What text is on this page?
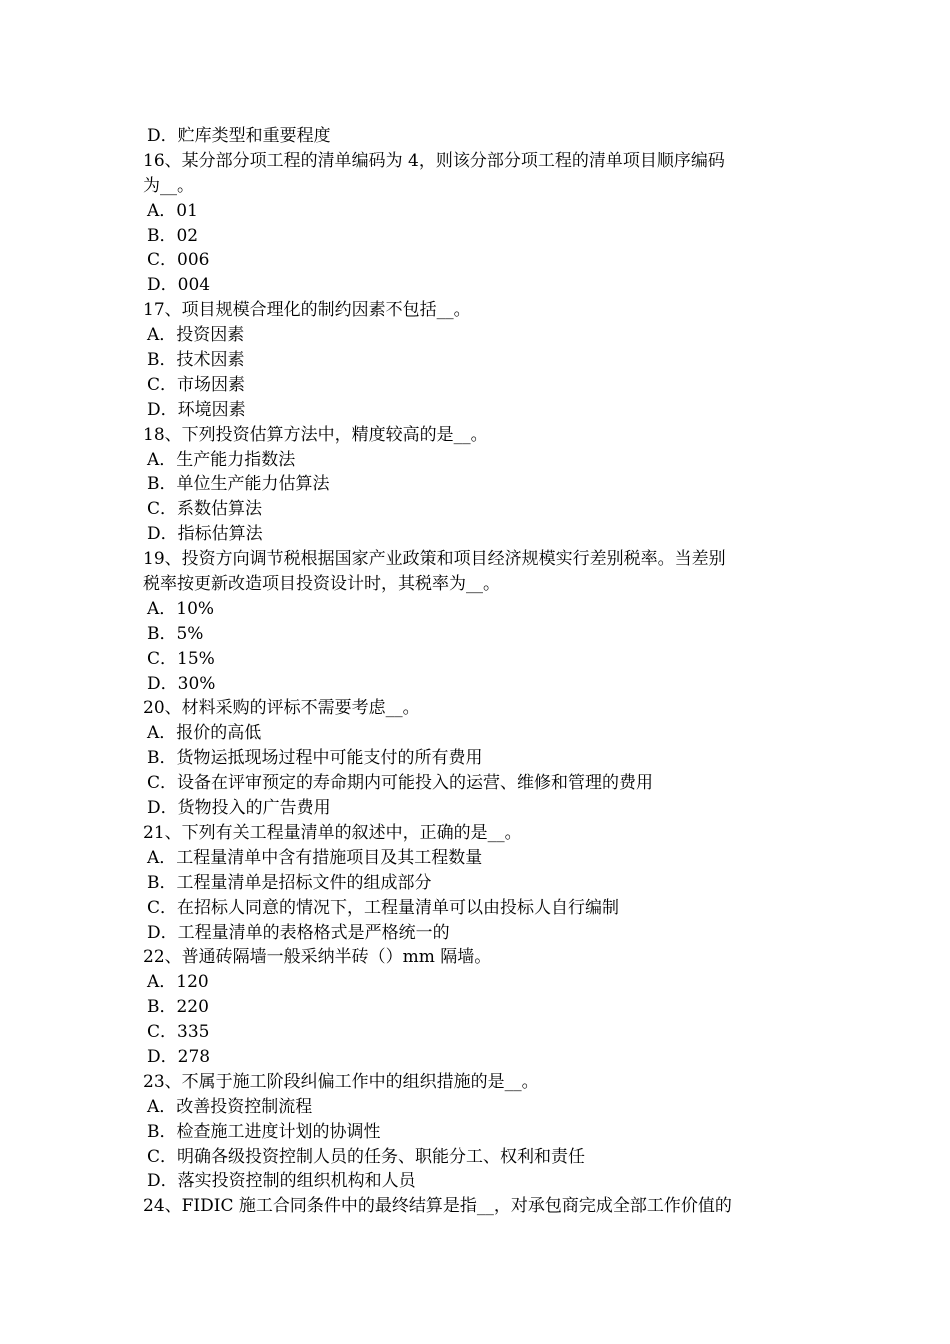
D．贮库类型和重要程度
16、某分部分项工程的清单编码为 4，则该分部分项工程的清单项目顺序编码
为__。
A．01
B．02
C．006
D．004
17、项目规模合理化的制约因素不包括__。
A．投资因素
B．技术因素
C．市场因素
D．环境因素
18、下列投资估算方法中，精度较高的是__。
A．生产能力指数法
B．单位生产能力估算法
C．系数估算法
D．指标估算法
19、投资方向调节税根据国家产业政策和项目经济规模实行差别税率。当差别
税率按更新改造项目投资设计时，其税率为__。
A．10%
B．5%
C．15%
D．30%
20、材料采购的评标不需要考虑__。
A．报价的高低
B．货物运抵现场过程中可能支付的所有费用
C．设备在评审预定的寿命期内可能投入的运营、维修和管理的费用
D．货物投入的广告费用
21、下列有关工程量清单的叙述中，正确的是__。
A．工程量清单中含有措施项目及其工程数量
B．工程量清单是招标文件的组成部分
C．在招标人同意的情况下，工程量清单可以由投标人自行编制
D．工程量清单的表格格式是严格统一的
22、普通砖隔墙一般采纳半砖（）mm 隔墙。
A．120
B．220
C．335
D．278
23、不属于施工阶段纠偏工作中的组织措施的是__。
A．改善投资控制流程
B．检查施工进度计划的协调性
C．明确各级投资控制人员的任务、职能分工、权利和责任
D．落实投资控制的组织机构和人员
24、FIDIC 施工合同条件中的最终结算是指__，对承包商完成全部工作价值的
